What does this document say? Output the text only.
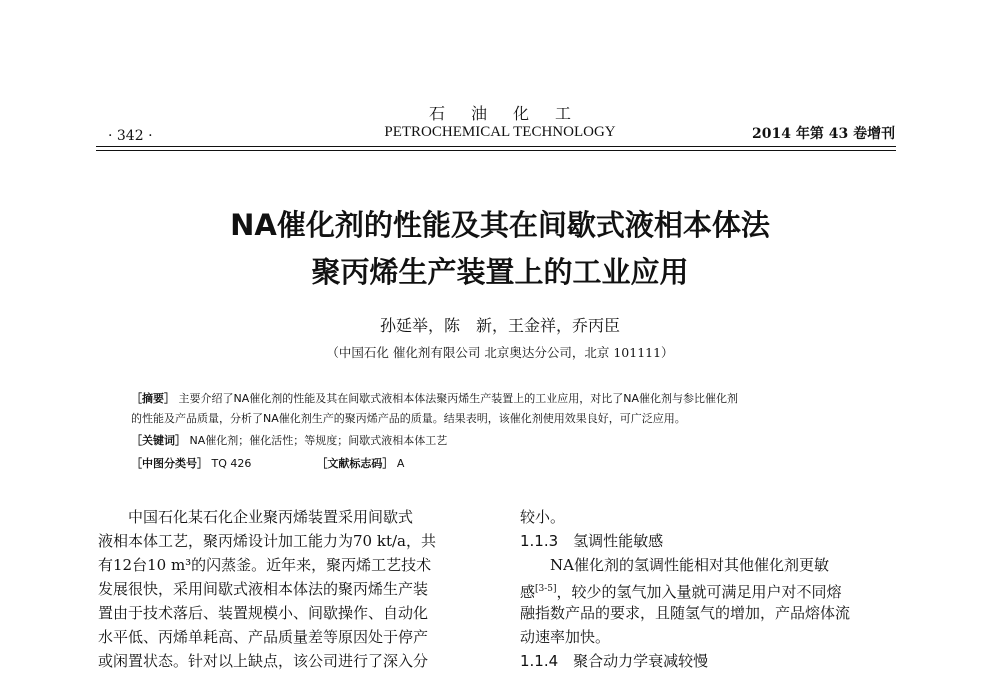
石油化工
· 342 ·	PETROCHEMICAL TECHNOLOGY	2014 年第 43 卷增刊
NA催化剂的性能及其在间歇式液相本体法
聚丙烯生产装置上的工业应用
孙延举，陈　新，王金祥，乔丙臣
（中国石化 催化剂有限公司 北京奥达分公司，北京 101111）
［摘要］ 主要介绍了NA催化剂的性能及其在间歇式液相本体法聚丙烯生产装置上的工业应用，对比了NA催化剂与参比催化剂
的性能及产品质量，分析了NA催化剂生产的聚丙烯产品的质量。结果表明，该催化剂使用效果良好，可广泛应用。
［关键词］ NA催化剂；催化活性；等规度；间歇式液相本体工艺
［中图分类号］ TQ 426	［文献标志码］ A
　　中国石化某石化企业聚丙烯装置采用间歇式
液相本体工艺，聚丙烯设计加工能力为70 kt/a，共
有12台10 m³的闪蒸釜。近年来，聚丙烯工艺技术
发展很快，采用间歇式液相本体法的聚丙烯生产装
置由于技术落后、装置规模小、间歇操作、自动化
水平低、丙烯单耗高、产品质量差等原因处于停产
或闲置状态。针对以上缺点，该公司进行了深入分
较小。
1.1.3　氢调性能敏感
　　NA催化剂的氢调性能相对其他催化剂更敏
感[3-5]，较少的氢气加入量就可满足用户对不同熔
融指数产品的要求，且随氢气的增加，产品熔体流
动速率加快。
1.1.4　聚合动力学衰减较慢
